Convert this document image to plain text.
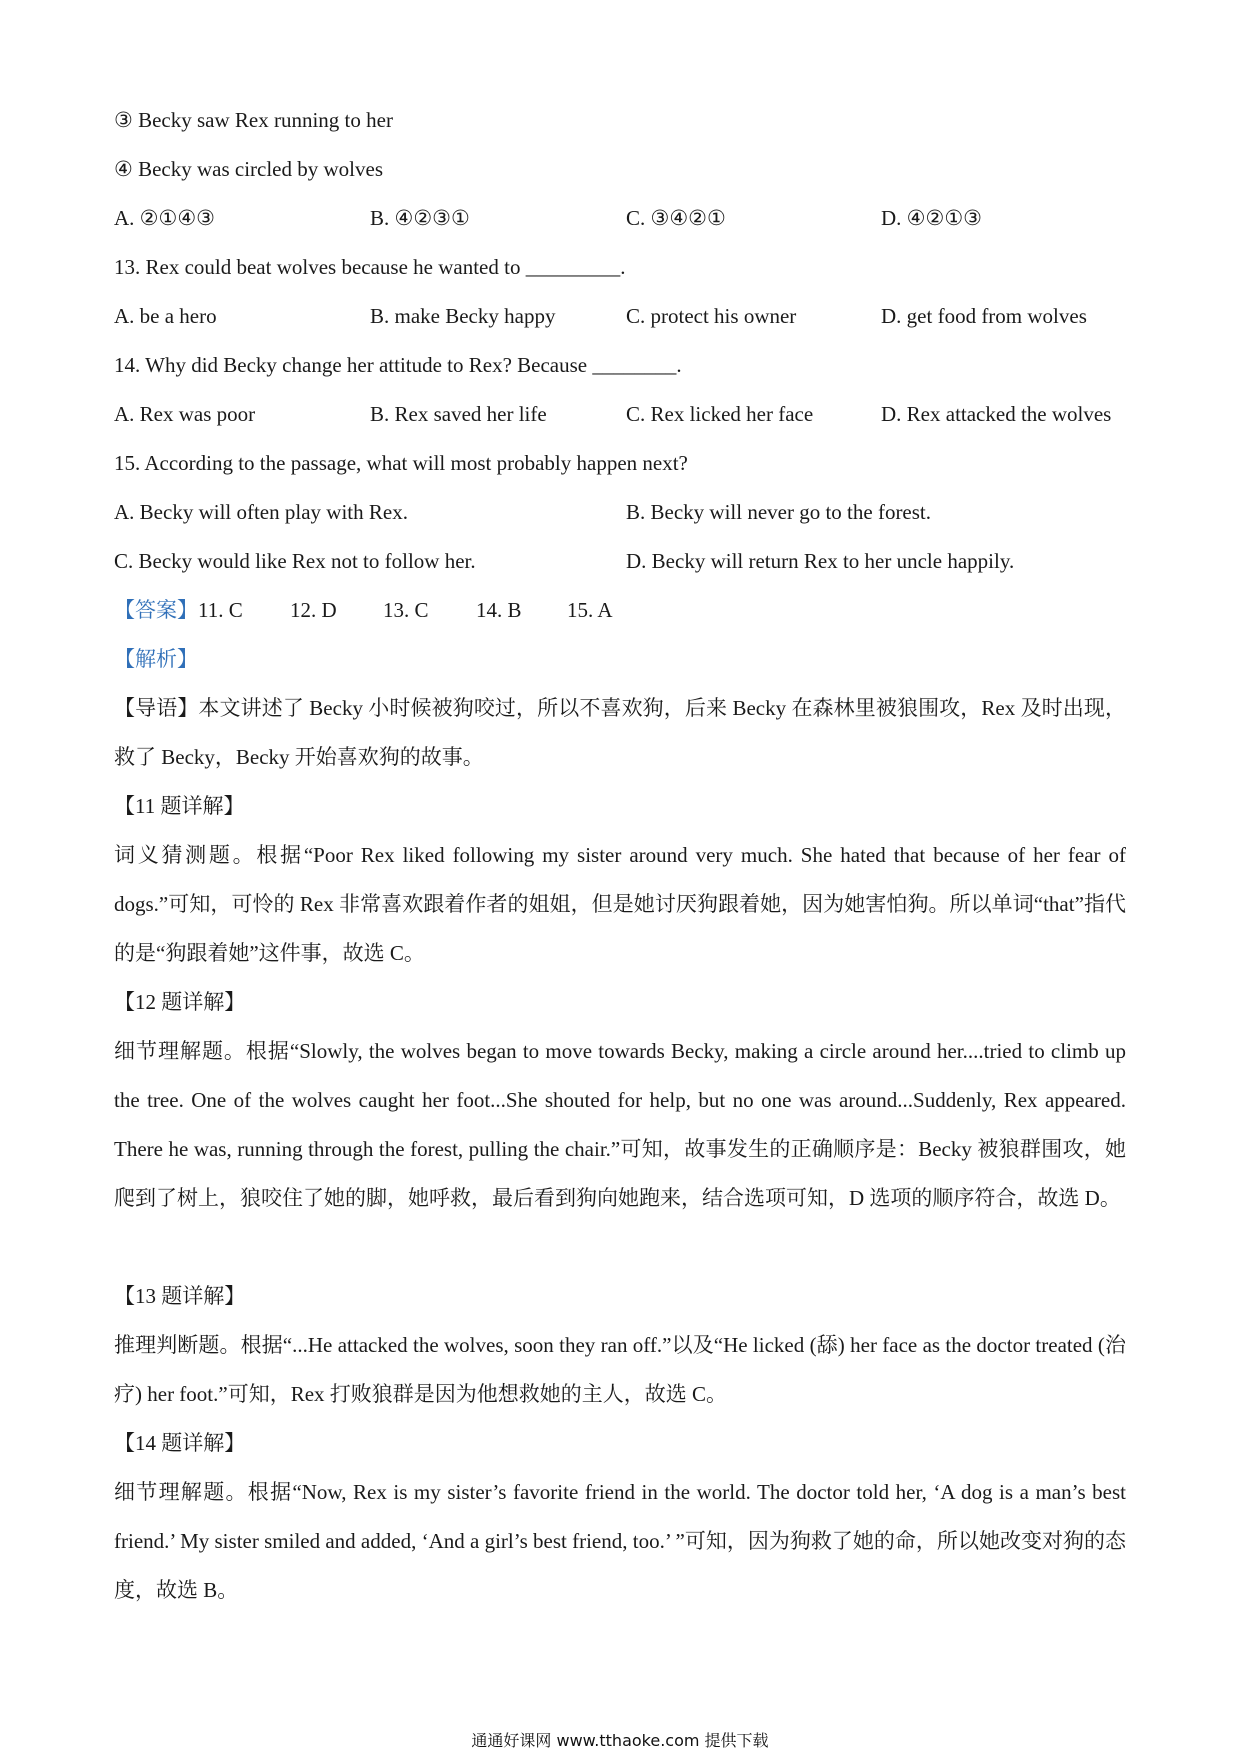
③ Becky saw Rex running to her
④ Becky was circled by wolves
A. ②①④③	B. ④②③①	C. ③④②①	D. ④②①③
13. Rex could beat wolves because he wanted to _________.
A. be a hero	B. make Becky happy	C. protect his owner	D. get food from wolves
14. Why did Becky change her attitude to Rex? Because ________.
A. Rex was poor	B. Rex saved her life	C. Rex licked her face	D. Rex attacked the wolves
15. According to the passage, what will most probably happen next?
A. Becky will often play with Rex.	B. Becky will never go to the forest.
C. Becky would like Rex not to follow her.	D. Becky will return Rex to her uncle happily.
【答案】11. C 12. D 13. C 14. B 15. A
【解析】
【导语】本文讲述了 Becky 小时候被狗咬过，所以不喜欢狗，后来 Becky 在森林里被狼围攻，Rex 及时出现，救了 Becky，Becky 开始喜欢狗的故事。
【11 题详解】
词义猜测题。根据“Poor Rex liked following my sister around very much. She hated that because of her fear of dogs.”可知，可怜的 Rex 非常喜欢跟着作者的姐姐，但是她讨厌狗跟着她，因为她害怕狗。所以单词“that”指代的是“狗跟着她”这件事，故选 C。
【12 题详解】
细节理解题。根据“Slowly, the wolves began to move towards Becky, making a circle around her....tried to climb up the tree. One of the wolves caught her foot...She shouted for help, but no one was around...Suddenly, Rex appeared. There he was, running through the forest, pulling the chair.”可知，故事发生的正确顺序是：Becky 被狼群围攻，她爬到了树上，狼咬住了她的脚，她呼救，最后看到狗向她跑来，结合选项可知，D 选项的顺序符合，故选 D。
【13 题详解】
推理判断题。根据“...He attacked the wolves, soon they ran off.”以及“He licked (舔) her face as the doctor treated (治疗) her foot.”可知，Rex 打败狼群是因为他想救她的主人，故选 C。
【14 题详解】
细节理解题。根据“Now, Rex is my sister’s favorite friend in the world. The doctor told her, ‘A dog is a man’s best friend.’ My sister smiled and added, ‘And a girl’s best friend, too.’ ”可知，因为狗救了她的命，所以她改变对狗的态度，故选 B。
通通好课网 www.tthaoke.com 提供下载
